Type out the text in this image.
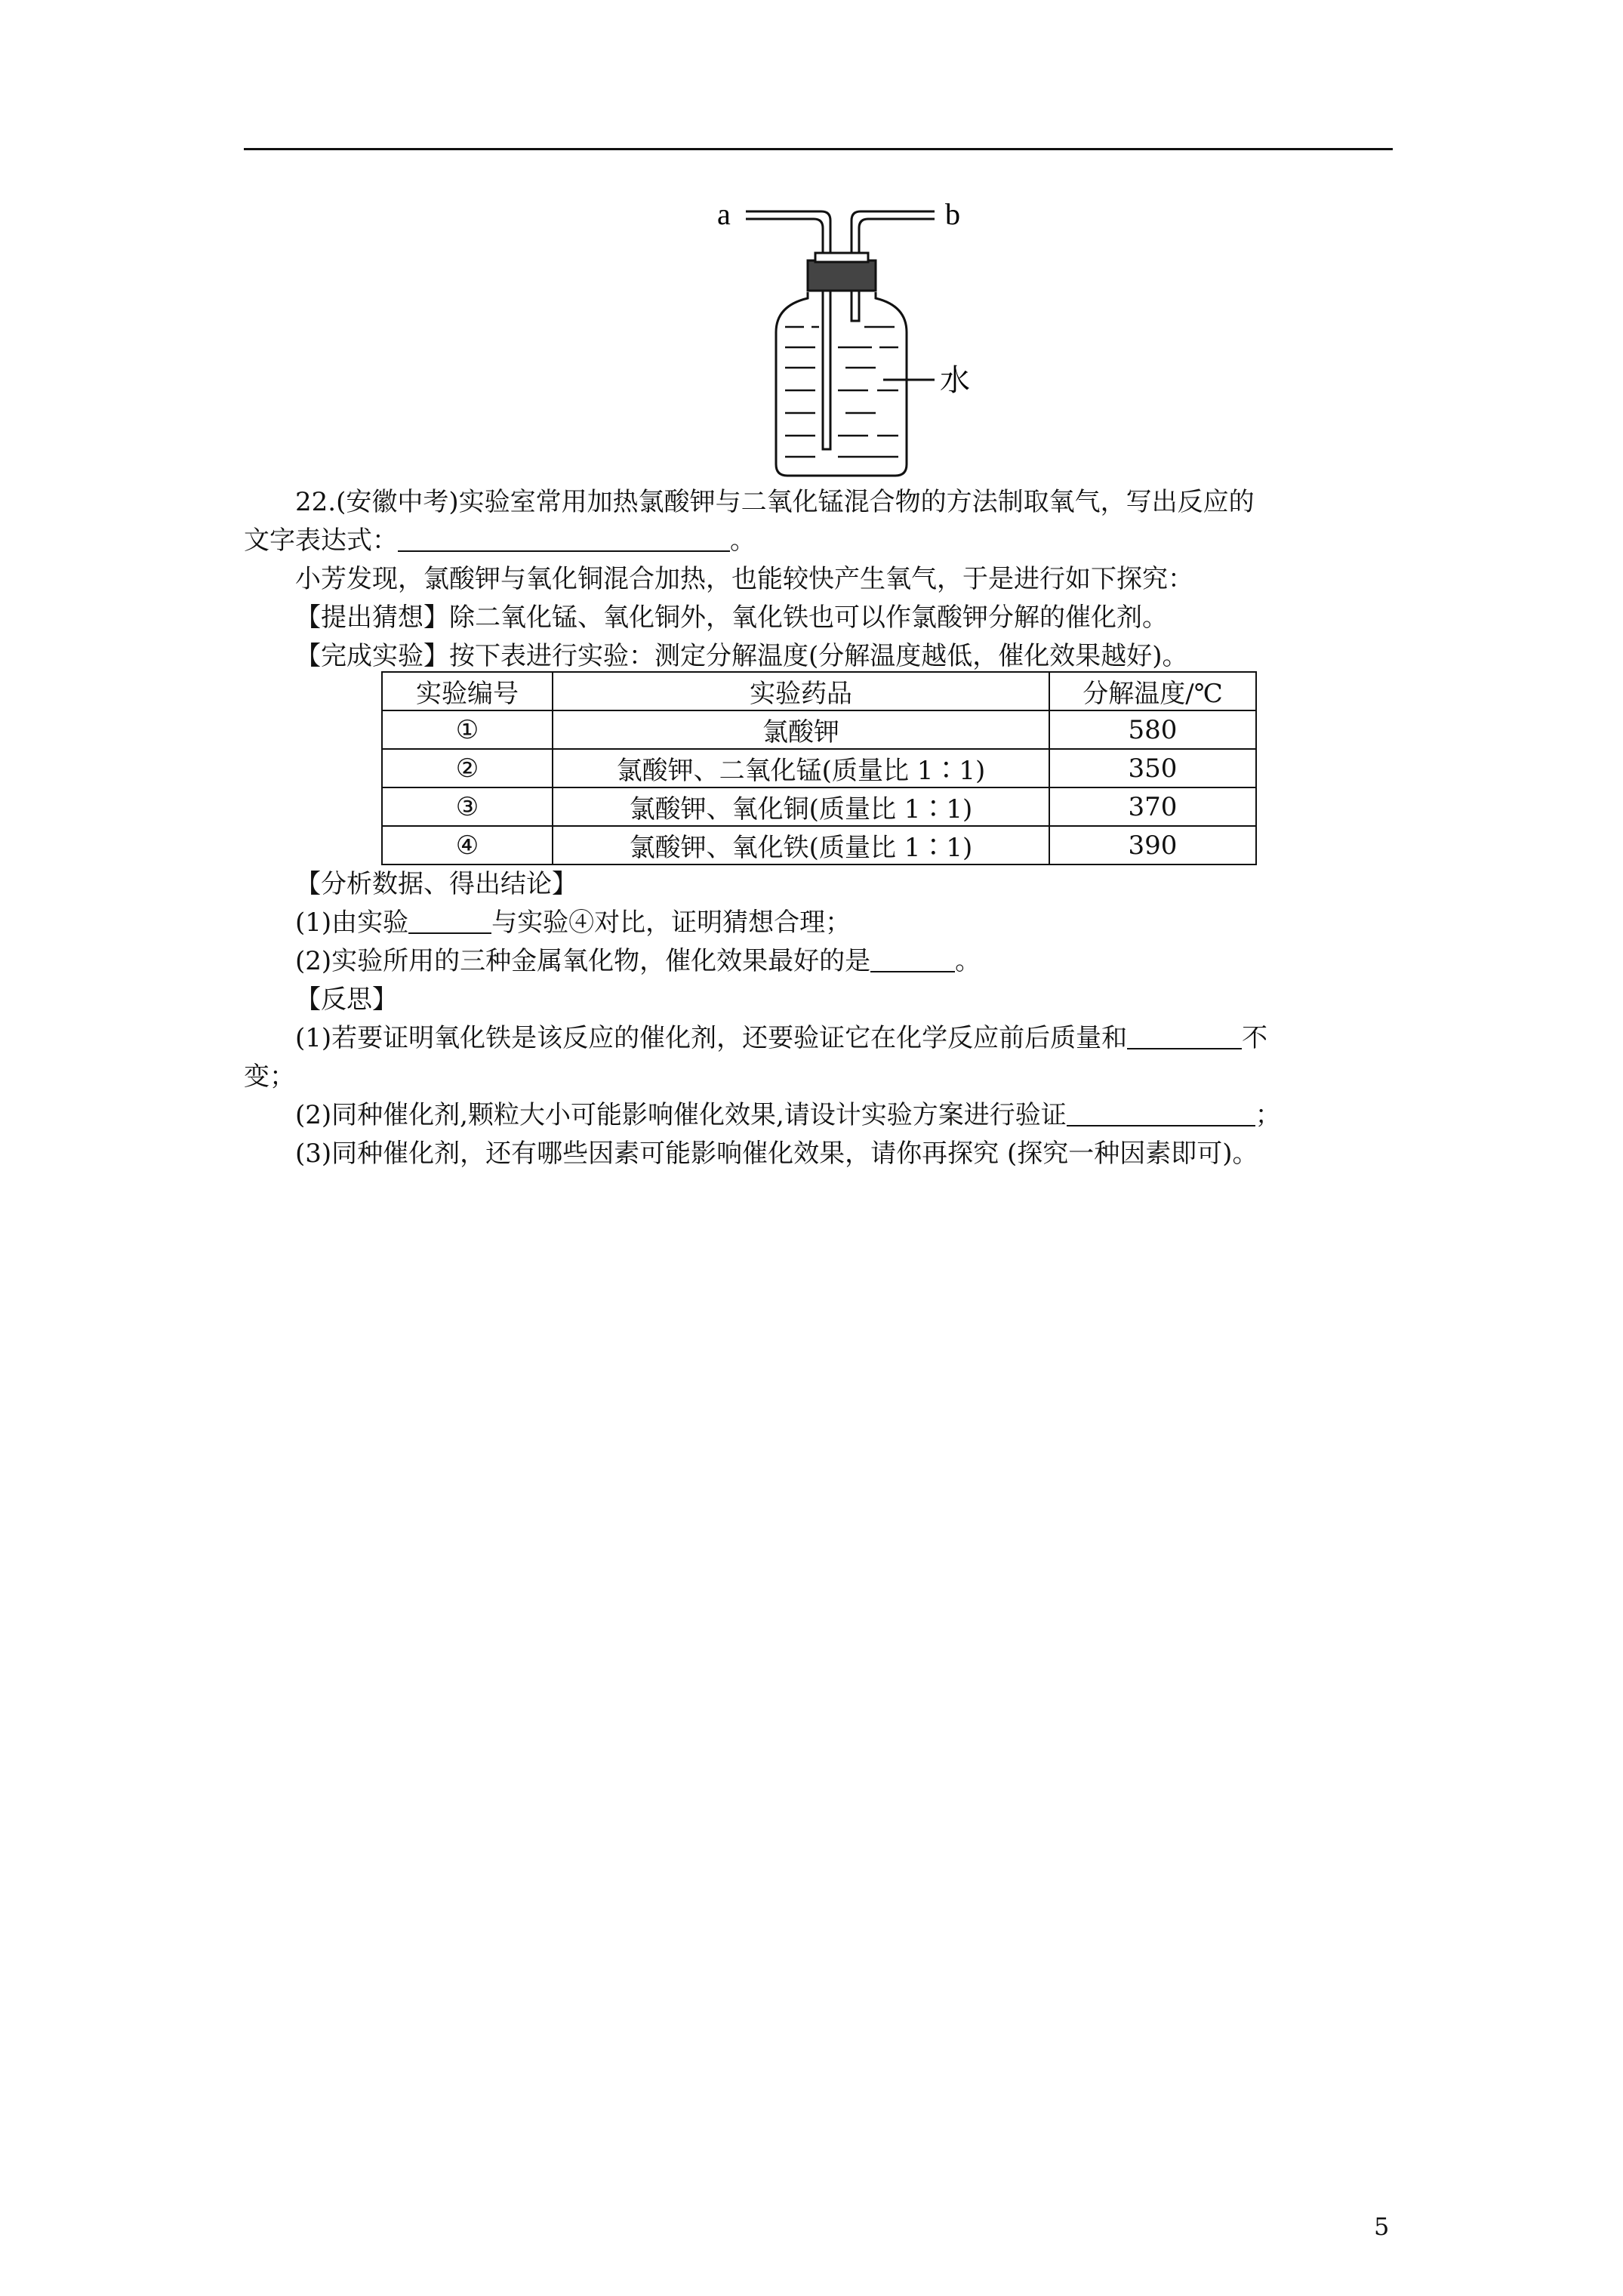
a	b
水

22.(安徽中考)实验室常用加热氯酸钾与二氧化锰混合物的方法制取氧气，写出反应的

文字表达式：	。

小芳发现，氯酸钾与氧化铜混合加热，也能较快产生氧气，于是进行如下探究：

【提出猜想】除二氧化锰、氧化铜外，氧化铁也可以作氯酸钾分解的催化剂。

【完成实验】按下表进行实验：测定分解温度(分解温度越低，催化效果越好)。

实验编号	实验药品	分解温度/℃
①	氯酸钾	580
②	氯酸钾、二氧化锰(质量比 1∶1)	350
③	氯酸钾、氧化铜(质量比 1∶1)	370
④	氯酸钾、氧化铁(质量比 1∶1)	390

【分析数据、得出结论】

(1)由实验	与实验④对比，证明猜想合理；

(2)实验所用的三种金属氧化物，催化效果最好的是	。

【反思】

(1)若要证明氧化铁是该反应的催化剂，还要验证它在化学反应前后质量和	不

变；

(2)同种催化剂,颗粒大小可能影响催化效果,请设计实验方案进行验证	；

(3)同种催化剂，还有哪些因素可能影响催化效果，请你再探究 (探究一种因素即可)。

5
